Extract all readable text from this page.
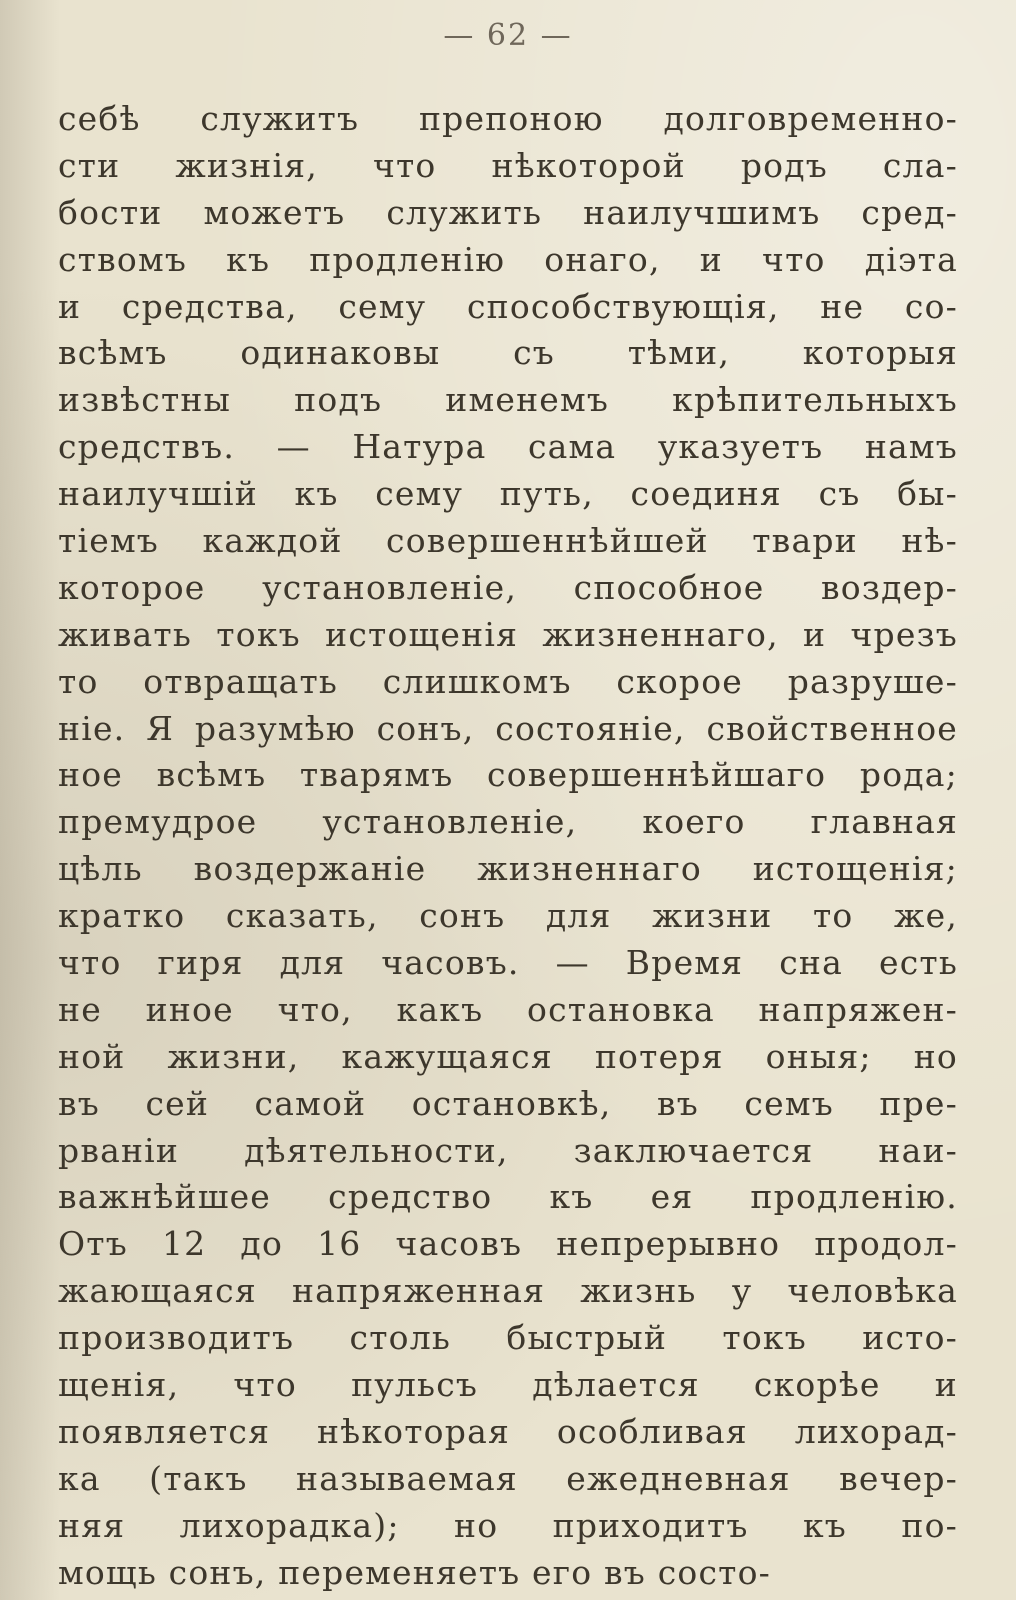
— 62 —
себѣ служитъ препоною долговременно-
сти жизнія, что нѣкоторой родъ сла-
бости можетъ служить наилучшимъ сред-
ствомъ къ продленію онаго, и что діэта
и средства, сему способствующія, не со-
всѣмъ одинаковы съ тѣми, которыя
извѣстны подъ именемъ крѣпительныхъ
средствъ. — Натура сама указуетъ намъ
наилучшій къ сему путь, соединя съ бы-
тіемъ каждой совершеннѣйшей твари нѣ-
которое установленіе, способное воздер-
живать токъ истощенія жизненнаго, и чрезъ
то отвращать слишкомъ скорое разруше-
ніе. Я разумѣю сонъ, состояніе, свойственное
ное всѣмъ тварямъ совершеннѣйшаго рода;
премудрое установленіе, коего главная
цѣль воздержаніе жизненнаго истощенія;
кратко сказать, сонъ для жизни то же,
что гиря для часовъ. — Время сна есть
не иное что, какъ остановка напряжен-
ной жизни, кажущаяся потеря оныя; но
въ сей самой остановкѣ, въ семъ пре-
рваніи дѣятельности, заключается наи-
важнѣйшее средство къ ея продленію.
Отъ 12 до 16 часовъ непрерывно продол-
жающаяся напряженная жизнь у человѣка
производитъ столь быстрый токъ исто-
щенія, что пульсъ дѣлается скорѣе и
появляется нѣкоторая особливая лихорад-
ка (такъ называемая ежедневная вечер-
няя лихорадка); но приходитъ къ по-
мощь сонъ, переменяетъ его въ состо-
